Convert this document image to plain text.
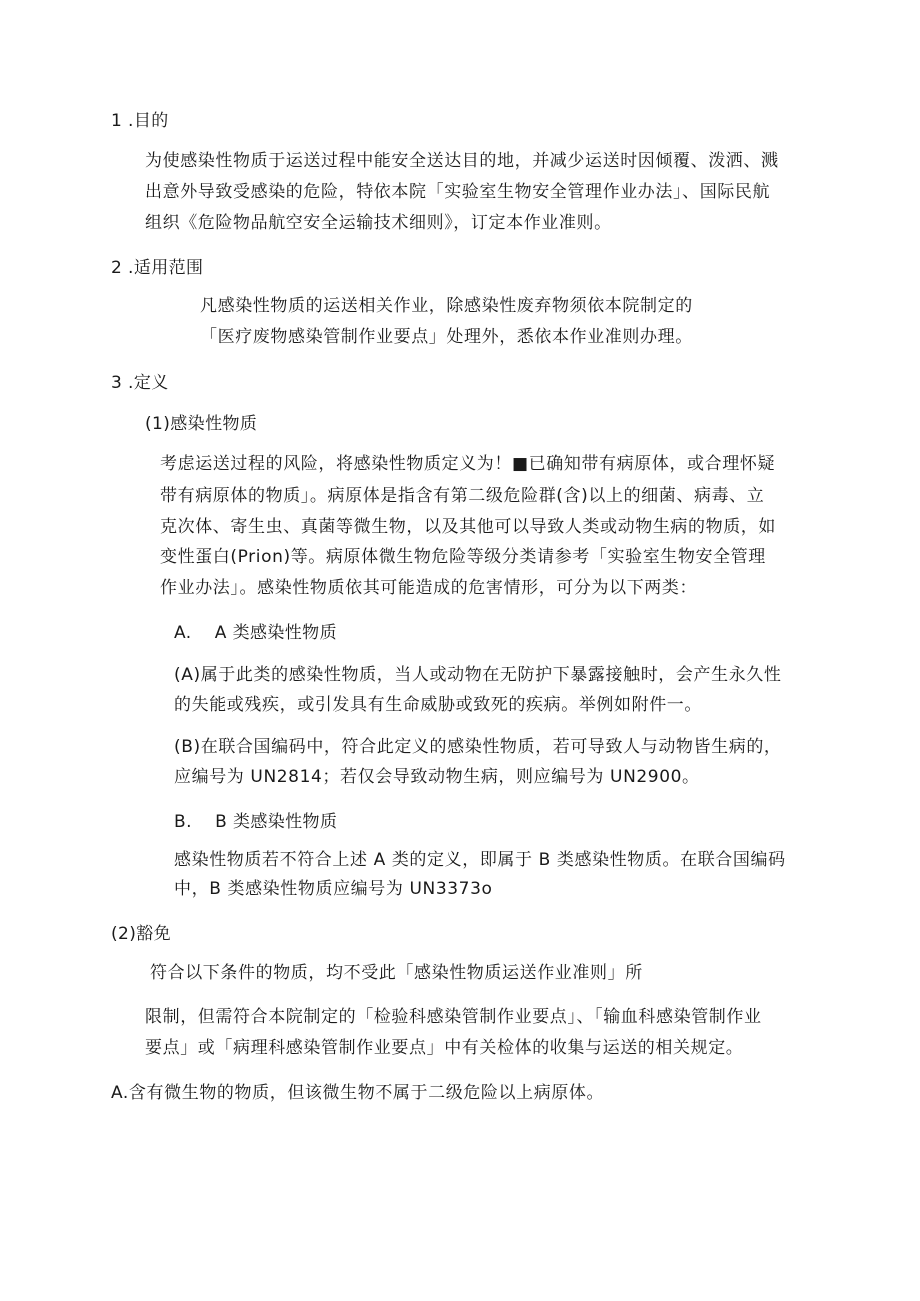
1 .目的
为使感染性物质于运送过程中能安全送达目的地，并减少运送时因倾覆、泼洒、溅
出意外导致受感染的危险，特依本院「实验室生物安全管理作业办法」、国际民航
组织《危险物品航空安全运输技术细则》，订定本作业准则。
2 .适用范围
凡感染性物质的运送相关作业，除感染性废弃物须依本院制定的
「医疗废物感染管制作业要点」处理外，悉依本作业准则办理。
3 .定义
(1)感染性物质
考虑运送过程的风险，将感染性物质定义为！■已确知带有病原体，或合理怀疑
带有病原体的物质」。病原体是指含有第二级危险群(含)以上的细菌、病毒、立
克次体、寄生虫、真菌等微生物，以及其他可以导致人类或动物生病的物质，如
变性蛋白(Prion)等。病原体微生物危险等级分类请参考「实验室生物安全管理
作业办法」。感染性物质依其可能造成的危害情形，可分为以下两类：
A.    A 类感染性物质
(A)属于此类的感染性物质，当人或动物在无防护下暴露接触时，会产生永久性
的失能或残疾，或引发具有生命威胁或致死的疾病。举例如附件一。
(B)在联合国编码中，符合此定义的感染性物质，若可导致人与动物皆生病的，
应编号为 UN2814；若仅会导致动物生病，则应编号为 UN2900。
B.    B 类感染性物质
感染性物质若不符合上述 A 类的定义，即属于 B 类感染性物质。在联合国编码
中，B 类感染性物质应编号为 UN3373o
(2)豁免
符合以下条件的物质，均不受此「感染性物质运送作业准则」所
限制，但需符合本院制定的「检验科感染管制作业要点」、「输血科感染管制作业
要点」或「病理科感染管制作业要点」中有关检体的收集与运送的相关规定。
A.含有微生物的物质，但该微生物不属于二级危险以上病原体。
